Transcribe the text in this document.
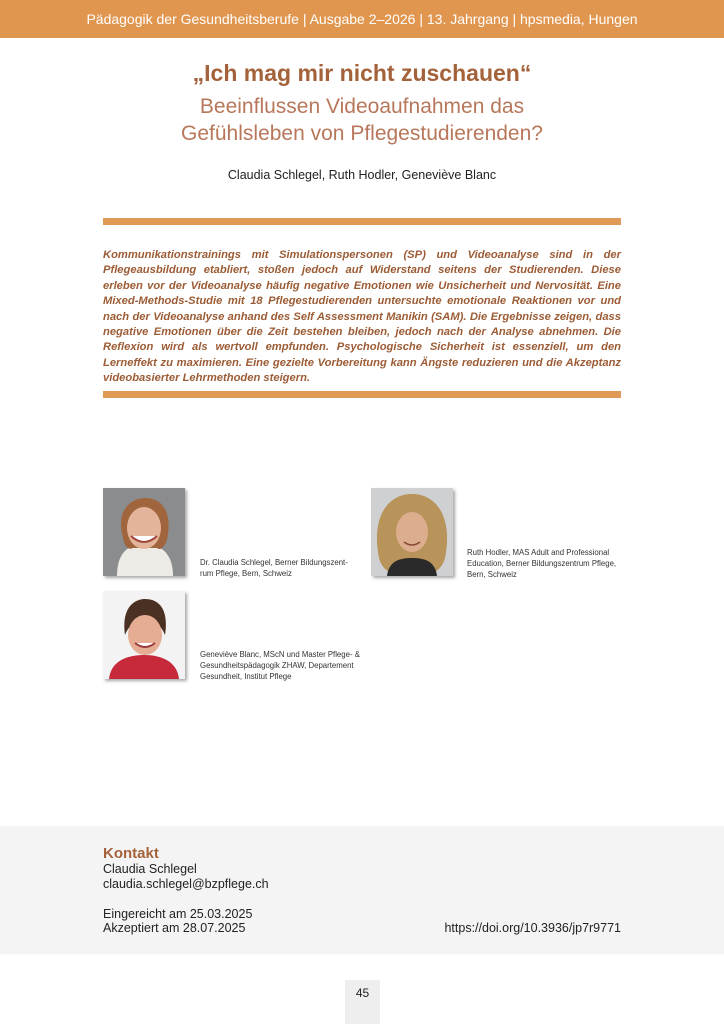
Pädagogik der Gesundheitsberufe | Ausgabe 2–2026 | 13. Jahrgang | hpsmedia, Hungen
„Ich mag mir nicht zuschauen“
Beeinflussen Videoaufnahmen das
Gefühlsleben von Pflegestudierenden?
Claudia Schlegel, Ruth Hodler, Geneviève Blanc
Kommunikationstrainings mit Simulationspersonen (SP) und Videoanalyse sind in der Pflegeausbildung etabliert, stoßen jedoch auf Widerstand seitens der Studierenden. Diese erleben vor der Videoanalyse häufig negative Emotionen wie Unsicherheit und Nervosität. Eine Mixed-Methods-Studie mit 18 Pflegestudierenden untersuchte emotionale Reaktionen vor und nach der Videoanalyse anhand des Self Assessment Manikin (SAM). Die Ergebnisse zeigen, dass negative Emotionen über die Zeit bestehen bleiben, jedoch nach der Analyse abnehmen. Die Reflexion wird als wertvoll empfunden. Psychologische Sicherheit ist essenziell, um den Lerneffekt zu maximieren. Eine gezielte Vorbereitung kann Ängste reduzieren und die Akzeptanz videobasierter Lehrmethoden steigern.
Dr. Claudia Schlegel, Berner Bildungszentrum Pflege, Bern, Schweiz
Ruth Hodler, MAS Adult and Professional Education, Berner Bildungszentrum Pflege, Bern, Schweiz
Geneviève Blanc, MScN und Master Pflege- & Gesundheitspädagogik ZHAW, Departement Gesundheit, Institut Pflege
Kontakt
Claudia Schlegel
claudia.schlegel@bzpflege.ch
Eingereicht am 25.03.2025
Akzeptiert am 28.07.2025	https://doi.org/10.3936/jp7r9771
45
